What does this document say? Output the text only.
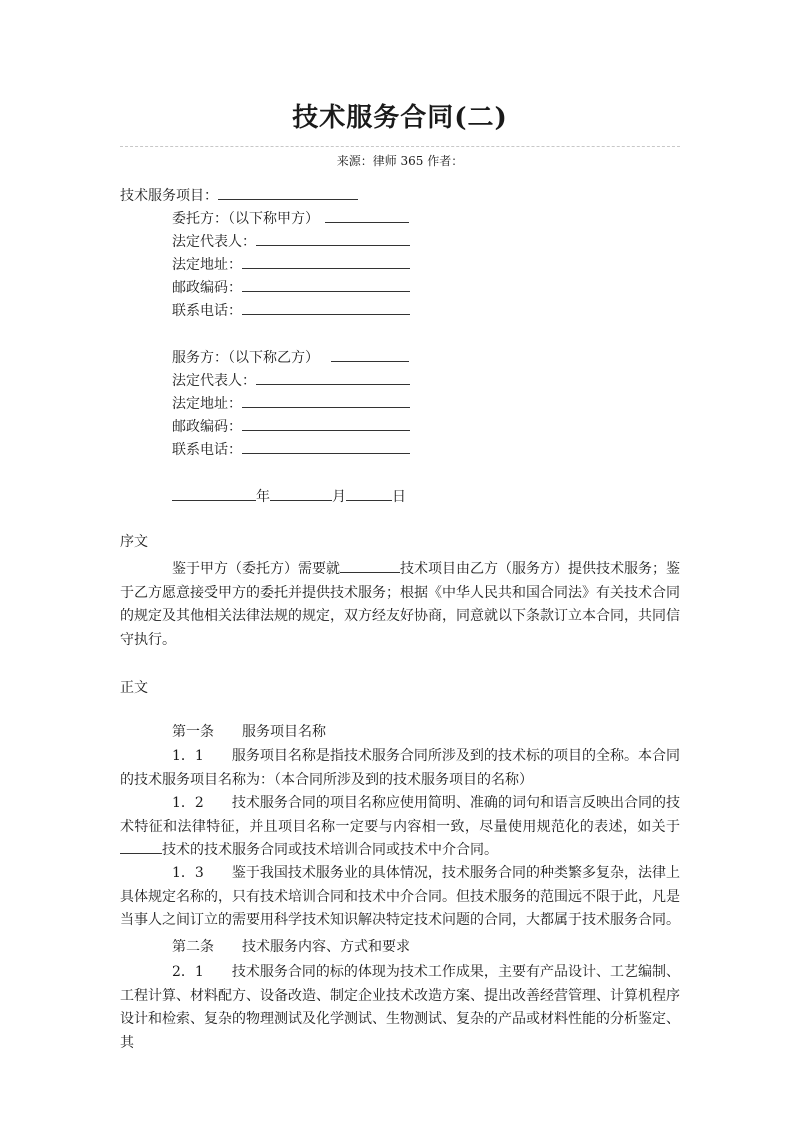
技术服务合同(二)
来源：律师 365 作者：
技术服务项目：
委托方：（以下称甲方）
法定代表人：
法定地址：
邮政编码：
联系电话：
服务方：（以下称乙方）
法定代表人：
法定地址：
邮政编码：
联系电话：
年	月	日
序文
鉴于甲方（委托方）需要就	技术项目由乙方（服务方）提供技术服务；鉴于乙方愿意接受甲方的委托并提供技术服务；根据《中华人民共和国合同法》有关技术合同的规定及其他相关法律法规的规定，双方经友好协商，同意就以下条款订立本合同，共同信守执行。
正文
第一条　　服务项目名称
1．1　　服务项目名称是指技术服务合同所涉及到的技术标的项目的全称。本合同的技术服务项目名称为：（本合同所涉及到的技术服务项目的名称）
1．2　　技术服务合同的项目名称应使用简明、准确的词句和语言反映出合同的技术特征和法律特征，并且项目名称一定要与内容相一致，尽量使用规范化的表述，如关于技术的技术服务合同或技术培训合同或技术中介合同。
1．3　　鉴于我国技术服务业的具体情况，技术服务合同的种类繁多复杂，法律上具体规定名称的，只有技术培训合同和技术中介合同。但技术服务的范围远不限于此，凡是当事人之间订立的需要用科学技术知识解决特定技术问题的合同，大都属于技术服务合同。
第二条　　技术服务内容、方式和要求
2．1　　技术服务合同的标的体现为技术工作成果，主要有产品设计、工艺编制、工程计算、材料配方、设备改造、制定企业技术改造方案、提出改善经营管理、计算机程序设计和检索、复杂的物理测试及化学测试、生物测试、复杂的产品或材料性能的分析鉴定、其
